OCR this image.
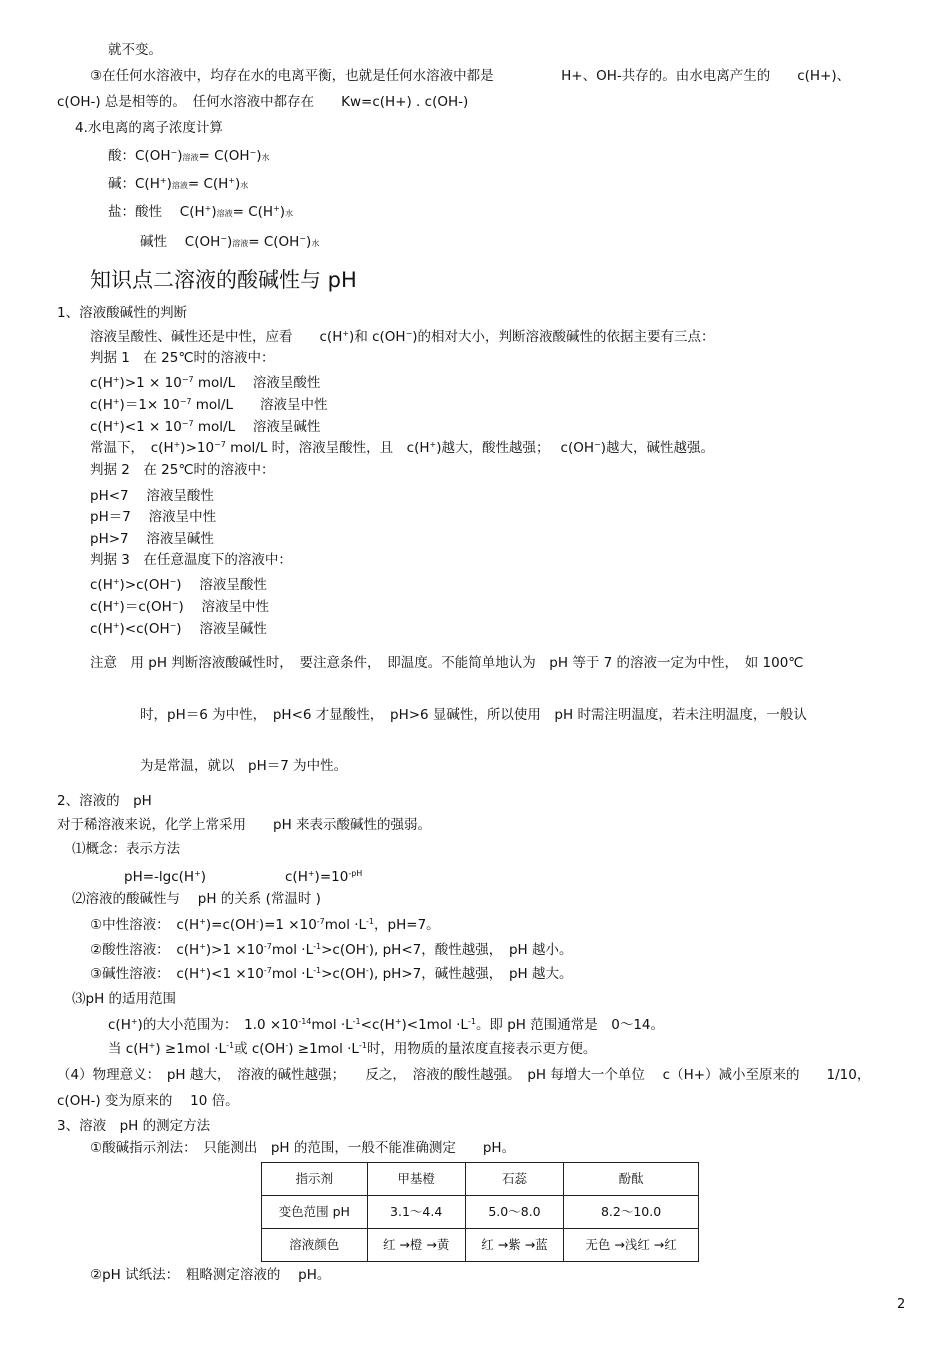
就不变。
③在任何水溶液中，均存在水的电离平衡，也就是任何水溶液中都是　　　　　H+、OH-共存的。由水电离产生的　　c(H+)、
c(OH-) 总是相等的。　任何水溶液中都存在　　Kw=c(H+) . c(OH-)
4.水电离的离子浓度计算
酸：C(OH−)溶液= C(OH−)水
碱：C(H+)溶液= C(H+)水
盐：酸性　 C(H+)溶液= C(H+)水
碱性　 C(OH−)溶液= C(OH−)水
知识点二溶液的酸碱性与 pH
1、溶液酸碱性的判断
溶液呈酸性、碱性还是中性，应看　　c(H+)和 c(OH−)的相对大小，判断溶液酸碱性的依据主要有三点：
判据 1　在 25℃时的溶液中：
$c(H^+)>1 \times 10^{-7}$ mol/L　 溶液呈酸性
$c(H^+)=1\times 10^{-7}$ mol/L　　溶液呈中性
$c(H^+)<1 \times 10^{-7}$ mol/L　 溶液呈碱性
常温下，　$c(H^+)>10^{-7}$ mol/L 时，溶液呈酸性，且　c(H+)越大，酸性越强；　 c(OH−)越大，碱性越强。
判据 2　在 25℃时的溶液中：
pH<7　 溶液呈酸性
pH＝7　 溶液呈中性
pH>7　 溶液呈碱性
判据 3　在任意温度下的溶液中：
c(H+)>c(OH−)　 溶液呈酸性
c(H+)＝c(OH−)　 溶液呈中性
c(H+)<c(OH−)　 溶液呈碱性
注意　用 pH 判断溶液酸碱性时，　要注意条件，　即温度。不能简单地认为　pH 等于 7 的溶液一定为中性，　如 100℃
时，pH＝6 为中性，　pH<6 才显酸性，　pH>6 显碱性，所以使用　pH 时需注明温度，若未注明温度，一般认
为是常温，就以　pH＝7 为中性。
2、溶液的　pH
对于稀溶液来说，化学上常采用　　pH 来表示酸碱性的强弱。
⑴概念：表示方法
pH=-lgc(H+)	$c(H^+)=10^{-pH}$
⑵溶液的酸碱性与　 pH 的关系 (常温时 )
①中性溶液：　$c(H^+)=c(OH^-)=1 \times 10^{-7}mol \cdot L^{-1}$，pH=7。
②酸性溶液：　$c(H^+)>1 \times 10^{-7}mol \cdot L^{-1}>c(OH^-)$, pH<7，酸性越强，　pH 越小。
③碱性溶液：　$c(H^+)<1 \times 10^{-7}mol \cdot L^{-1}>c(OH^-)$, pH>7，碱性越强，　pH 越大。
⑶pH 的适用范围
c(H+)的大小范围为：　$1.0 \times 10^{-14}mol \cdot L^{-1}<c(H^+)<1mol \cdot L^{-1}$。即 pH 范围通常是　0～14。
当 $c(H^+) \ge 1mol \cdot L^{-1}$或 $c(OH^-) \ge 1mol \cdot L^{-1}$时，用物质的量浓度直接表示更方便。
（4）物理意义：　pH 越大，　溶液的碱性越强；　　反之，　溶液的酸性越强。　pH 每增大一个单位　 c（H+）减小至原来的　　1/10，
c(OH-) 变为原来的　 10 倍。
3、溶液　pH 的测定方法
①酸碱指示剂法：　只能测出　pH 的范围，一般不能准确测定　　pH。
指示剂	甲基橙	石蕊	酚酞
变色范围 pH	3.1～4.4	5.0～8.0	8.2～10.0
溶液颜色	红 →橙 →黄	红 →紫 →蓝	无色 →浅红 →红
②pH 试纸法：　粗略测定溶液的　 pH。
2
